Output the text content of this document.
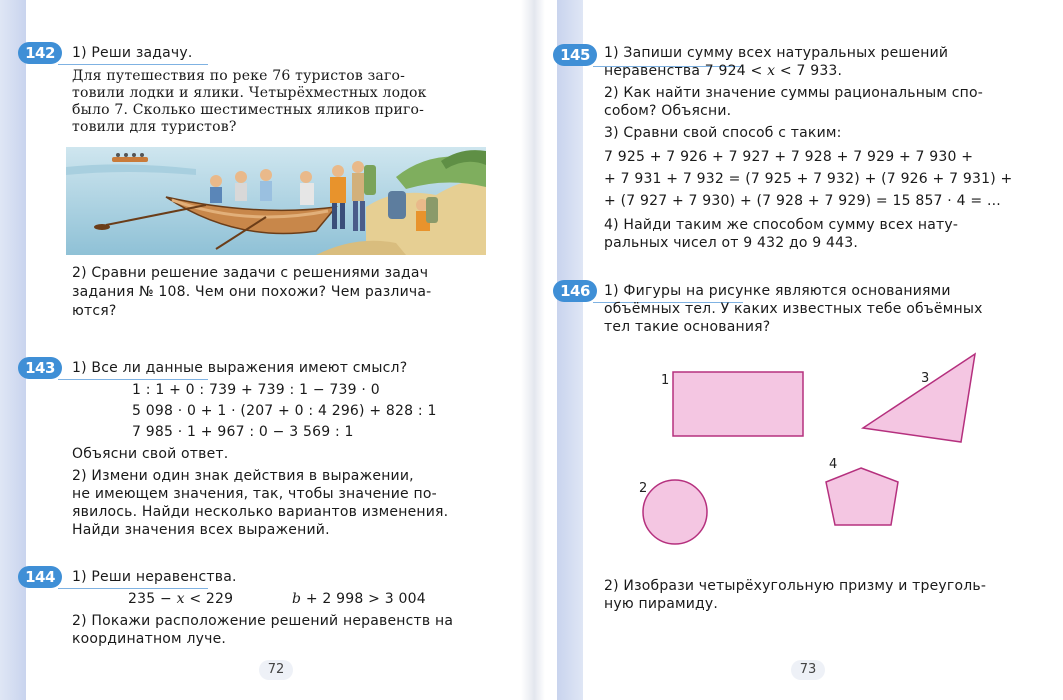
142	1) Реши задачу.
Для путешествия по реке 76 туристов заго-
товили лодки и ялики. Четырёхместных лодок
было 7. Сколько шестиместных яликов приго-
товили для туристов?
2) Сравни решение задачи с решениями задач
задания № 108. Чем они похожи? Чем различа-
ются?
143	1) Все ли данные выражения имеют смысл?
1 : 1 + 0 : 739 + 739 : 1 − 739 · 0
5 098 · 0 + 1 · (207 + 0 : 4 296) + 828 : 1
7 985 · 1 + 967 : 0 − 3 569 : 1
Объясни свой ответ.
2) Измени один знак действия в выражении,
не имеющем значения, так, чтобы значение по-
явилось. Найди несколько вариантов изменения.
Найди значения всех выражений.
144	1) Реши неравенства.
235 − x < 229	b + 2 998 > 3 004
2) Покажи расположение решений неравенств на
координатном луче.
72
145	1) Запиши сумму всех натуральных решений
неравенства 7 924 < x < 7 933.
2) Как найти значение суммы рациональным спо-
собом? Объясни.
3) Сравни свой способ с таким:
7 925 + 7 926 + 7 927 + 7 928 + 7 929 + 7 930 +
+ 7 931 + 7 932 = (7 925 + 7 932) + (7 926 + 7 931) +
+ (7 927 + 7 930) + (7 928 + 7 929) = 15 857 · 4 = ...
4) Найди таким же способом сумму всех нату-
ральных чисел от 9 432 до 9 443.
146	1) Фигуры на рисунке являются основаниями
объёмных тел. У каких известных тебе объёмных
тел такие основания?
1
2
3
4
2) Изобрази четырёхугольную призму и треуголь-
ную пирамиду.
73
